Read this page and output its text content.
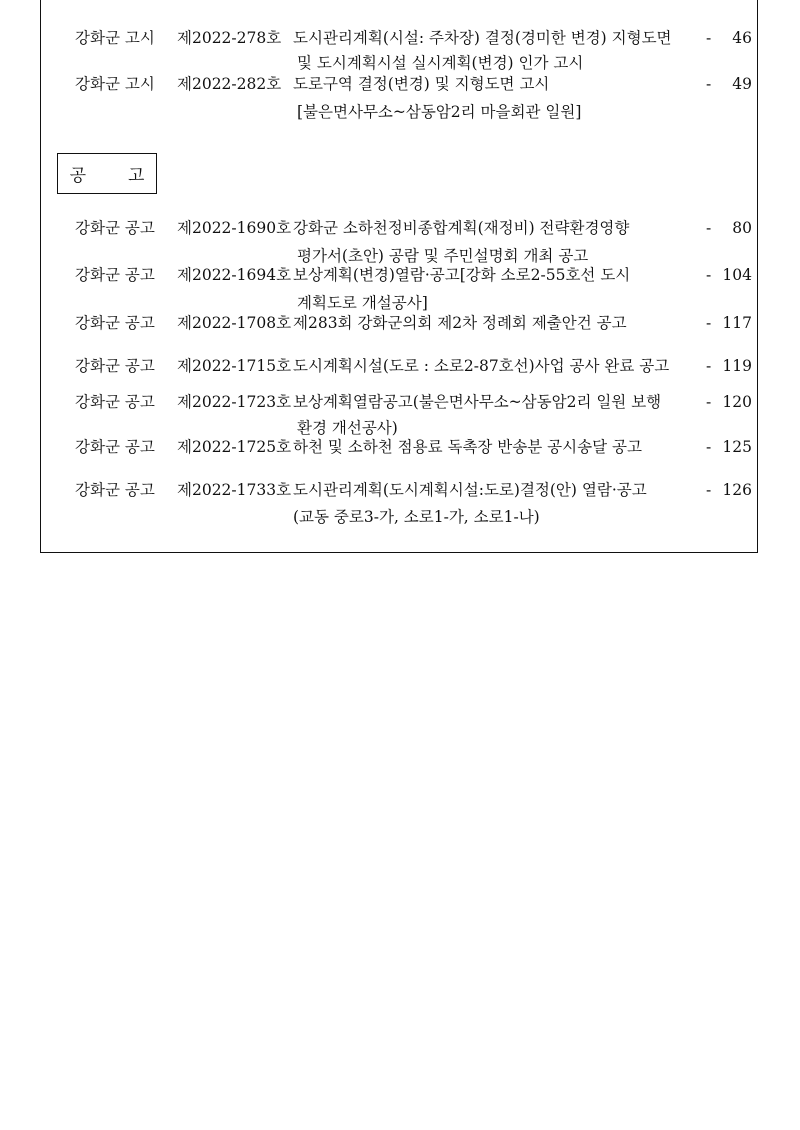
강화군 고시 제2022-278호 도시관리계획(시설: 주차장) 결정(경미한 변경) 지형도면	- 46
및 도시계획시설 실시계획(변경) 인가 고시
강화군 고시 제2022-282호 도로구역 결정(변경) 및 지형도면 고시	- 49
[불은면사무소~삼동암2리 마을회관 일원]
공 고
강화군 공고 제2022-1690호 강화군 소하천정비종합계획(재정비) 전략환경영향	- 80
평가서(초안) 공람 및 주민설명회 개최 공고
강화군 공고 제2022-1694호 보상계획(변경)열람·공고[강화 소로2-55호선 도시	- 104
계획도로 개설공사]
강화군 공고 제2022-1708호 제283회 강화군의회 제2차 정례회 제출안건 공고	- 117
강화군 공고 제2022-1715호 도시계획시설(도로 : 소로2-87호선)사업 공사 완료 공고	- 119
강화군 공고 제2022-1723호 보상계획열람공고(불은면사무소~삼동암2리 일원 보행	- 120
환경 개선공사)
강화군 공고 제2022-1725호 하천 및 소하천 점용료 독촉장 반송분 공시송달 공고	- 125
강화군 공고 제2022-1733호 도시관리계획(도시계획시설:도로)결정(안) 열람·공고	- 126
(교동 중로3-가, 소로1-가, 소로1-나)
